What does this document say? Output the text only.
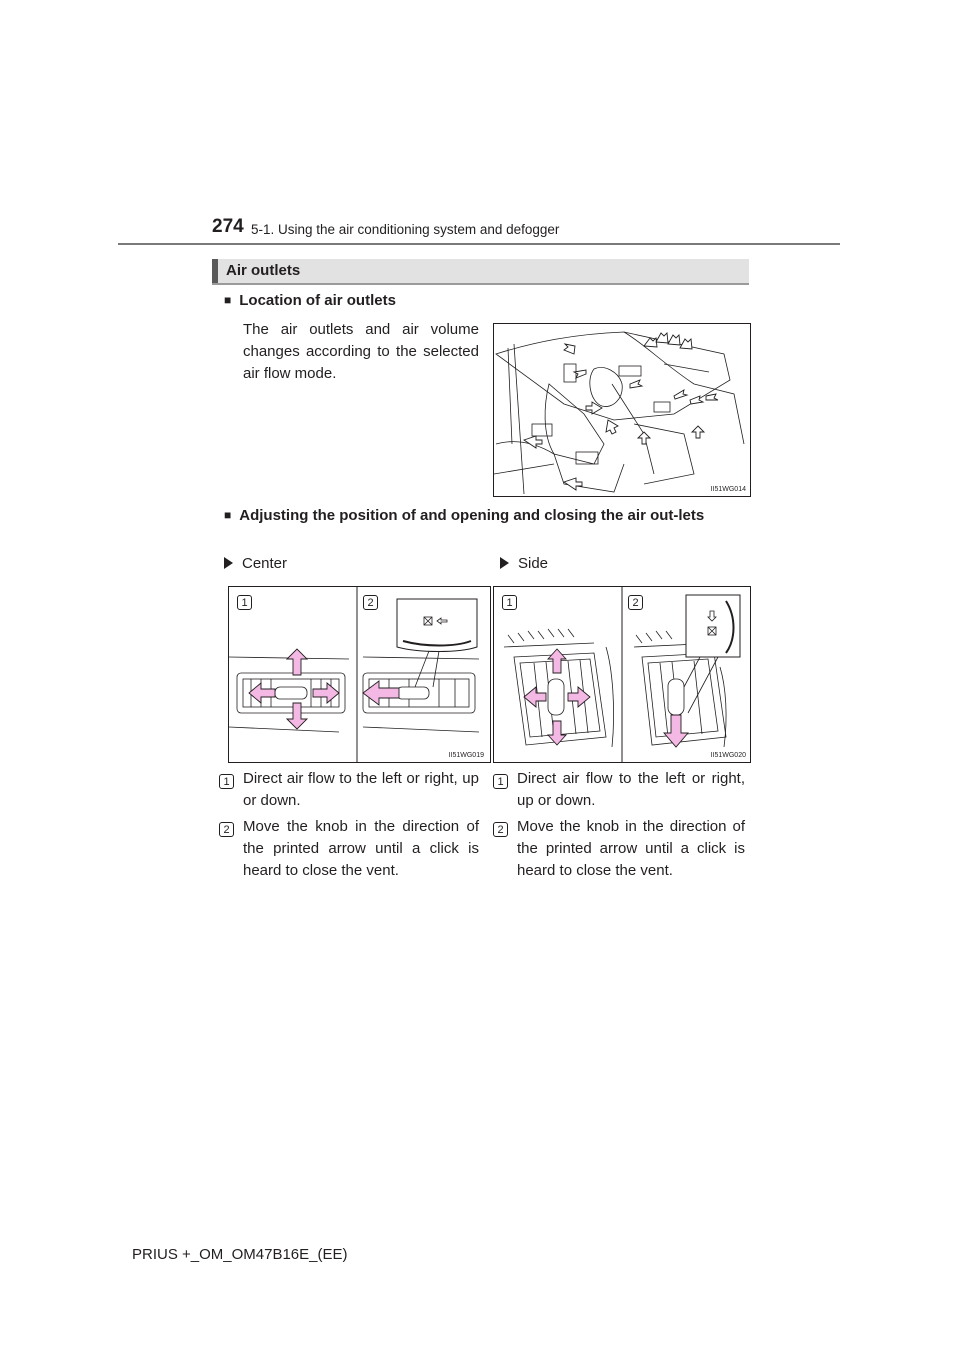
274 5-1. Using the air conditioning system and defogger
Air outlets
■ Location of air outlets
The air outlets and air volume changes according to the selected air flow mode.
II51WG014
■ Adjusting the position of and opening and closing the air out-lets
Center	Side
1	2
II51WG019
1	2
II51WG020
1 Direct air flow to the left or right, up or down.
2 Move the knob in the direction of the printed arrow until a click is heard to close the vent.
1 Direct air flow to the left or right, up or down.
2 Move the knob in the direction of the printed arrow until a click is heard to close the vent.
PRIUS +_OM_OM47B16E_(EE)
